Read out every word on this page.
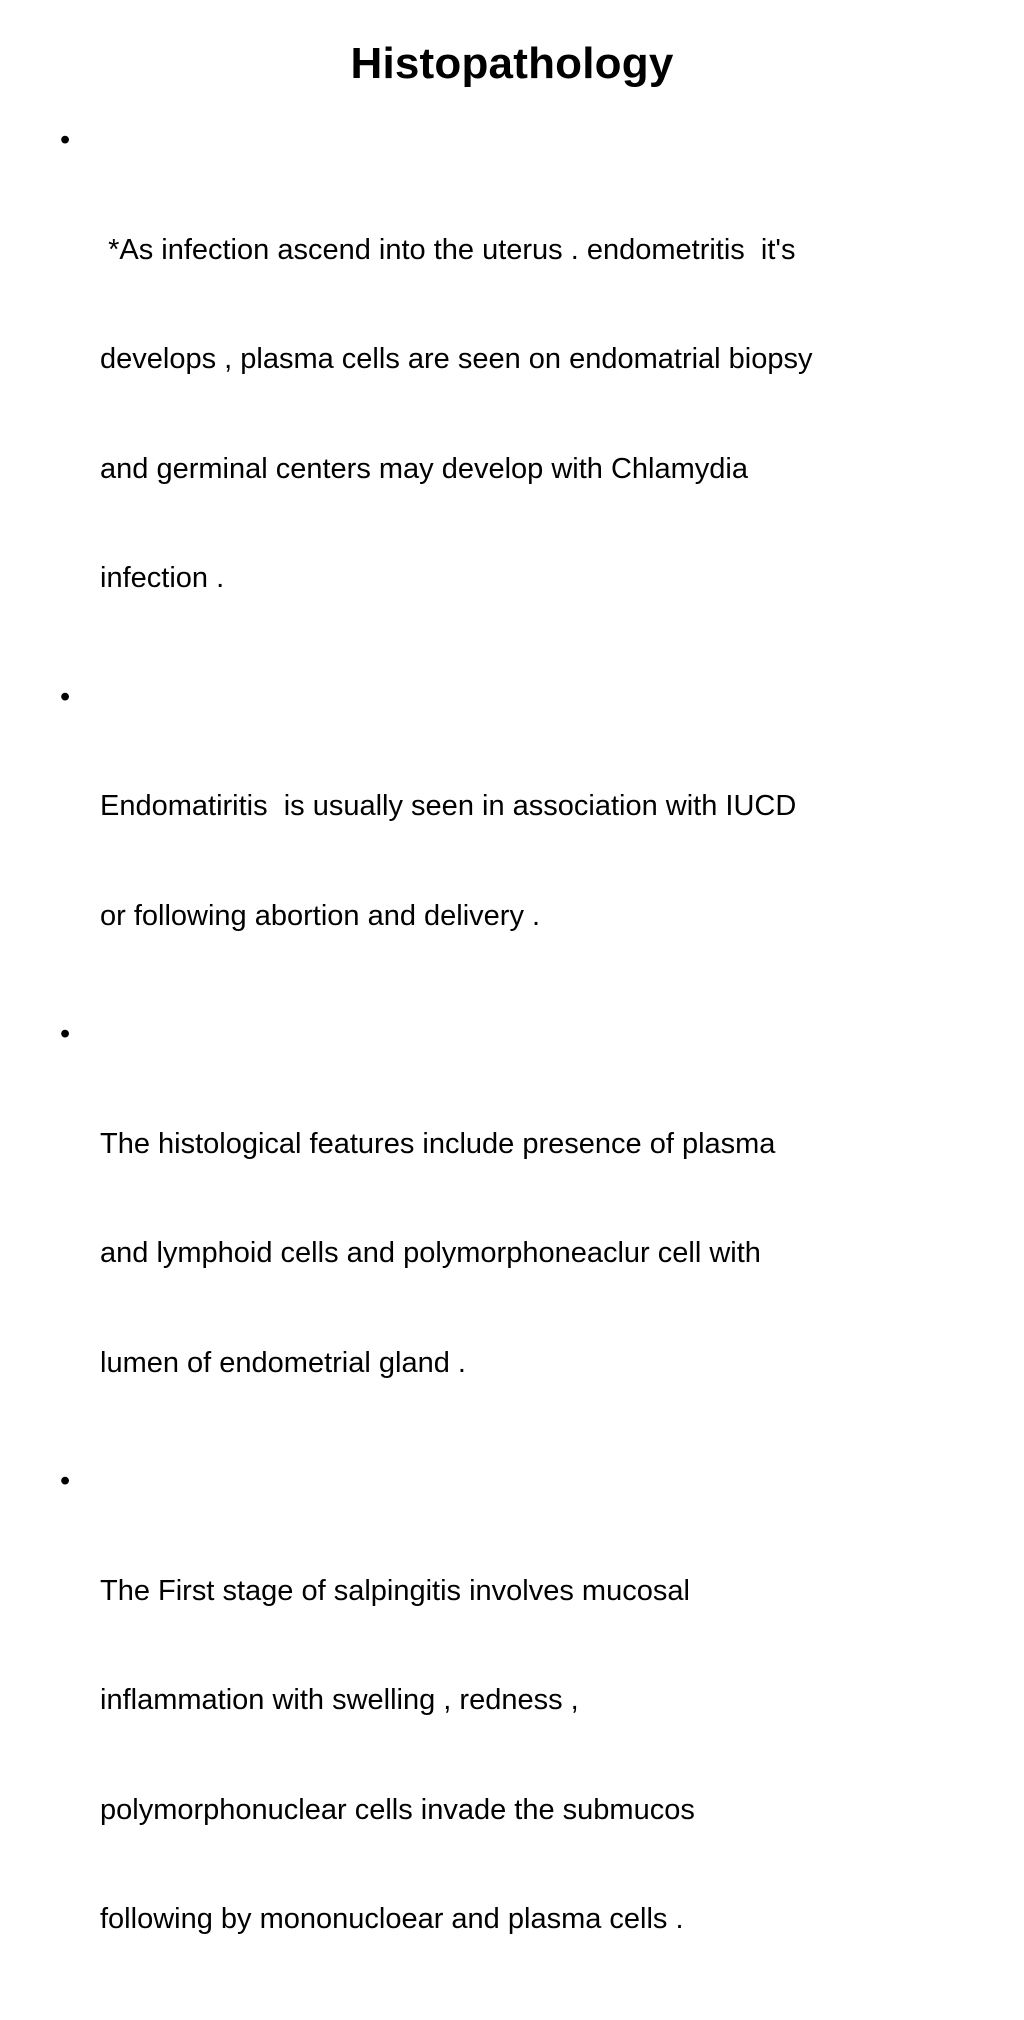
Histopathology

•

*As infection ascend into the uterus . endometritis  it's

develops , plasma cells are seen on endomatrial biopsy

and germinal centers may develop with Chlamydia

infection .

•

Endomatiritis  is usually seen in association with IUCD

or following abortion and delivery .

•

The histological features include presence of plasma

and lymphoid cells and polymorphoneaclur cell with

lumen of endometrial gland .

•

The First stage of salpingitis involves mucosal

inflammation with swelling , redness ,

polymorphonuclear cells invade the submucos

following by mononucloear and plasma cells .
